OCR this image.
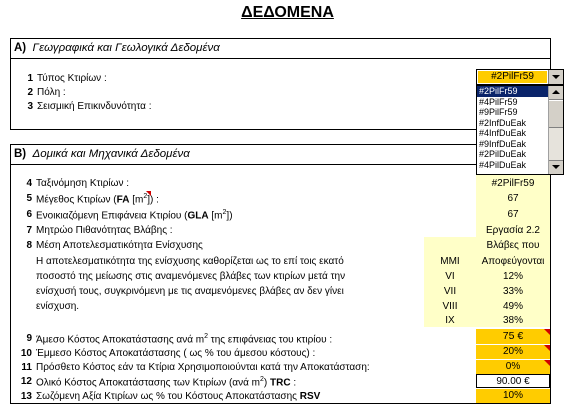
ΔΕΔΟΜΕΝΑ
A) Γεωγραφικά και Γεωλογικά Δεδομένα
1 Τύπος Κτιρίων :
2 Πόλη :
3 Σεισμική Επικινδυνότητα :
B) Δομικά και Μηχανικά Δεδομένα
4 Ταξινόμηση Κτιρίων :	#2PilFr59
5 Μέγεθος Κτιρίων (FA $[m^2]$) :	67
6 Ενοικιαζόμενη Επιφάνεια Κτιρίου (GLA $[m^2]$)	67
7 Μητρώο Πιθανότητας Βλάβης :	Εργασία 2.2
8 Μέση Αποτελεσματικότητα Ενίσχυσης	Βλάβες που
Η αποτελεσματικότητα της ενίσχυσης καθορίζεται ως το επί τοις εκατό
ποσοστό της μείωσης στις αναμενόμενες βλάβες των κτιρίων μετά την
ενίσχυσή τους, συγκρινόμενη με τις αναμενόμενες βλάβες αν δεν γίνει
ενίσχυση.
MMI	Αποφεύγονται
VI	12%
VII	33%
VIII	49%
IX	38%
9 Άμεσο Κόστος Αποκατάστασης ανά $m^2$ της επιφάνειας του κτιρίου :	75 €
10 Έμμεσο Κόστος Αποκατάστασης ( ως % του άμεσου κόστους) :	20%
11 Πρόσθετο Κόστος εάν τα Κτίρια Χρησιμοποιούνται κατά την Αποκατάσταση:	0%
12 Ολικό Κόστος Αποκατάστασης των Κτιρίων (ανά $m^2$) TRC :	90.00 €
13 Σωζόμενη Αξία Κτιρίων ως % του Κόστους Αποκατάστασης RSV	10%
#2PilFr59
#2PilFr59
#4PilFr59
#9PilFr59
#2InfDuEak
#4InfDuEak
#9InfDuEak
#2PilDuEak
#4PilDuEak
